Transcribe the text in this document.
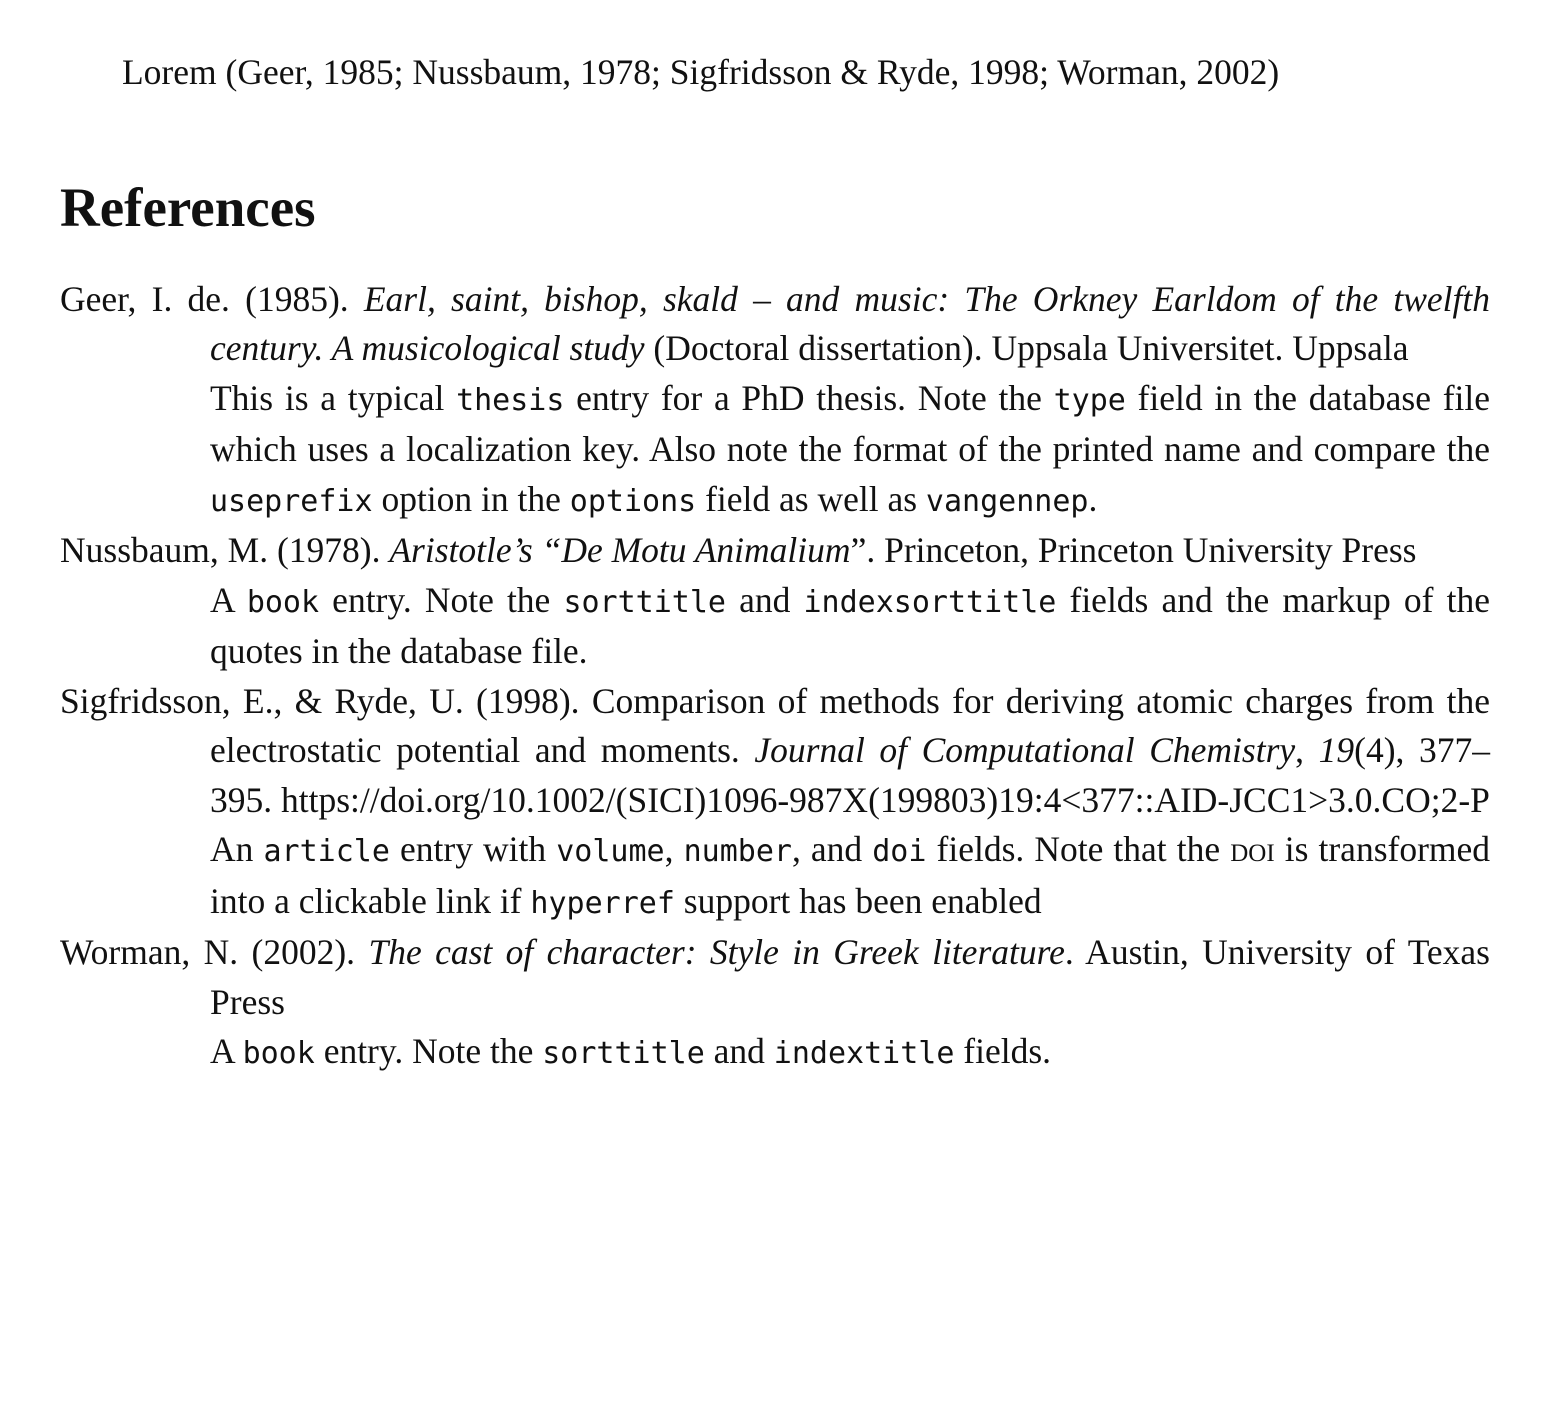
Lorem (Geer, 1985; Nussbaum, 1978; Sigfridsson & Ryde, 1998; Worman, 2002)

References

Geer, I. de. (1985). Earl, saint, bishop, skald – and music: The Orkney Earldom of the twelfth century. A musicological study (Doctoral dissertation). Uppsala Universitet. Uppsala

This is a typical thesis entry for a PhD thesis. Note the type field in the database file which uses a localization key. Also note the format of the printed name and compare the useprefix option in the options field as well as vangennep.

Nussbaum, M. (1978). Aristotle’s “De Motu Animalium”. Princeton, Princeton University Press

A book entry. Note the sorttitle and indexsorttitle fields and the markup of the quotes in the database file.

Sigfridsson, E., & Ryde, U. (1998). Comparison of methods for deriving atomic charges from the electrostatic potential and moments. Journal of Computational Chemistry, 19(4), 377–395. https://doi.org/10.1002/(SICI)1096-987X(199803)19:4<377::AID-JCC1>3.0.CO;2-P

An article entry with volume, number, and doi fields. Note that the doi is transformed into a clickable link if hyperref support has been enabled

Worman, N. (2002). The cast of character: Style in Greek literature. Austin, University of Texas Press

A book entry. Note the sorttitle and indextitle fields.
